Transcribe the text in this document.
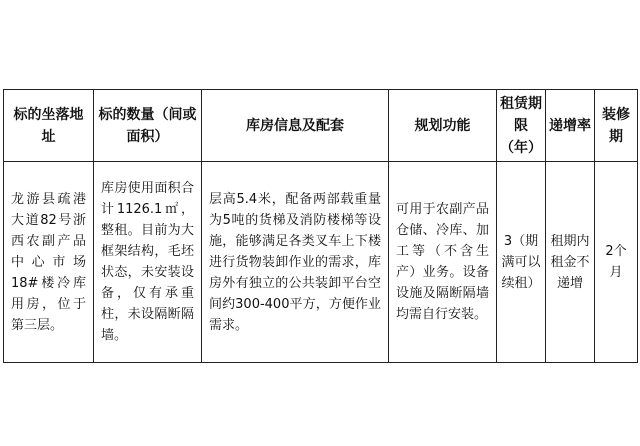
标的坐落地址	标的数量（间或面积）	库房信息及配套	规划功能	租赁期限（年）	递增率	装修期

龙游县疏港大道82号浙西农副产品中心市场18#楼冷库用房，位于第三层。	库房使用面积合计1126.1㎡，整租。目前为大框架结构，毛坯状态，未安装设备，仅有承重柱，未设隔断隔墙。	层高5.4米，配备两部载重量为5吨的货梯及消防楼梯等设施，能够满足各类叉车上下楼进行货物装卸作业的需求，库房外有独立的公共装卸平台空间约300-400平方，方便作业需求。	可用于农副产品仓储、冷库、加工等（不含生产）业务。设备设施及隔断隔墙均需自行安装。	3（期满可以续租）	租期内租金不递增	2个月
